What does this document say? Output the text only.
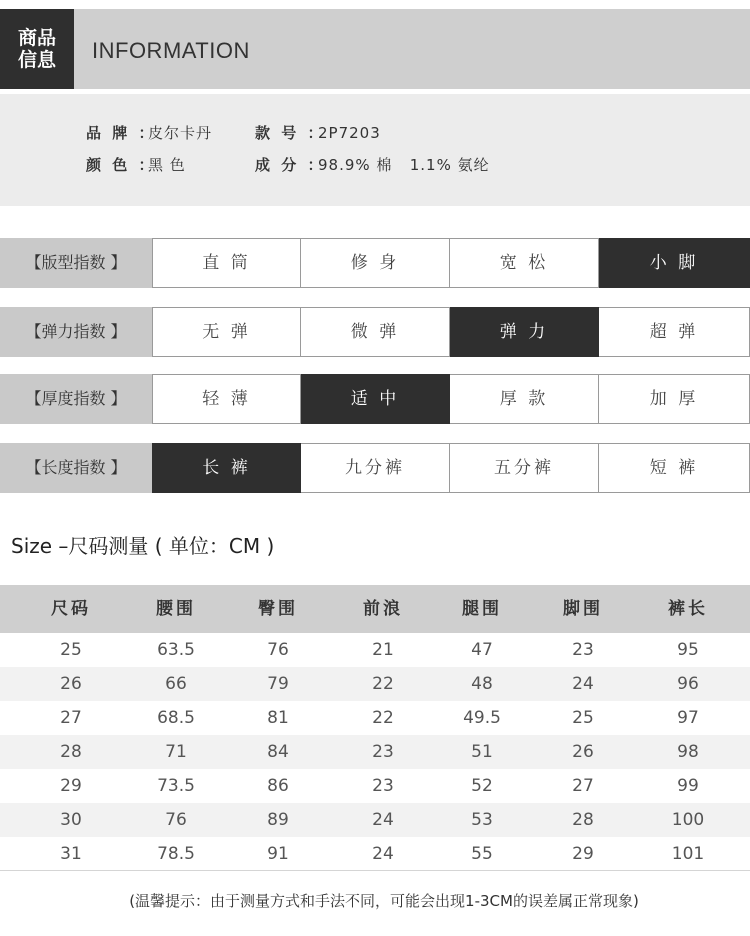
商品
信息 INFORMATION
品 牌 ：
皮尔卡丹	款 号 ：
2P7203
颜 色 ：
黑 色	成 分 ：
98.9% 棉   1.1% 氨纶
【版型指数 】	直 筒	修 身	宽 松	小 脚
【弹力指数 】	无 弹	微 弹	弹 力	超 弹
【厚度指数 】	轻 薄	适 中	厚 款	加 厚
【长度指数 】	长 裤	九分裤	五分裤	短 裤
Size –尺码测量 ( 单位：CM )
尺码	腰围	臀围	前浪	腿围	脚围	裤长
25	63.5	76	21	47	23	95
26	66	79	22	48	24	96
27	68.5	81	22	49.5	25	97
28	71	84	23	51	26	98
29	73.5	86	23	52	27	99
30	76	89	24	53	28	100
31	78.5	91	24	55	29	101
(温馨提示：由于测量方式和手法不同，可能会出现1-3CM的误差属正常现象)
